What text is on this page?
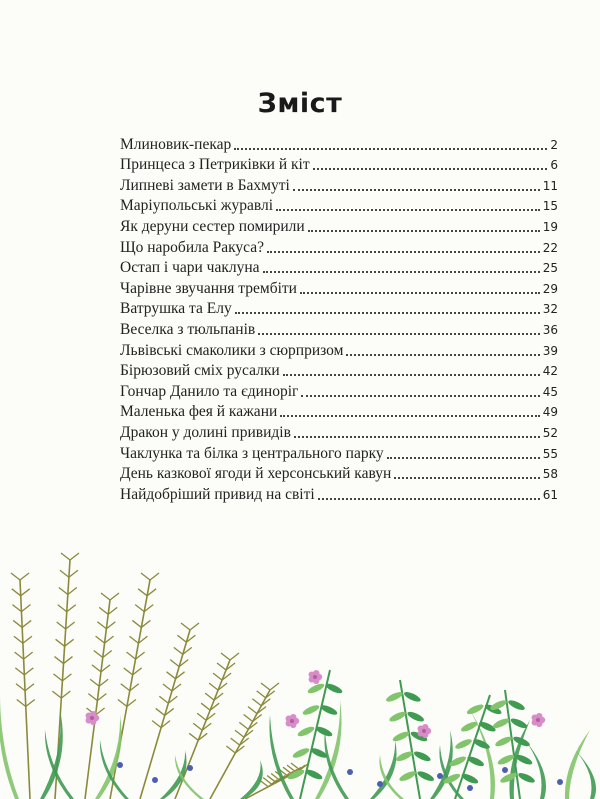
Зміст
Млиновик-пекар	2
Принцеса з Петриківки й кіт	6
Липневі замети в Бахмуті	11
Маріупольські журавлі	15
Як деруни сестер помирили	19
Що наробила Ракуса?	22
Остап і чари чаклуна	25
Чарівне звучання трембіти	29
Ватрушка та Елу	32
Веселка з тюльпанів	36
Львівські смаколики з сюрпризом	39
Бірюзовий сміх русалки	42
Гончар Данило та єдиноріг	45
Маленька фея й кажани	49
Дракон у долині привидів	52
Чаклунка та білка з центрального парку	55
День казкової ягоди й херсонський кавун	58
Найдобріший привид на світі	61
